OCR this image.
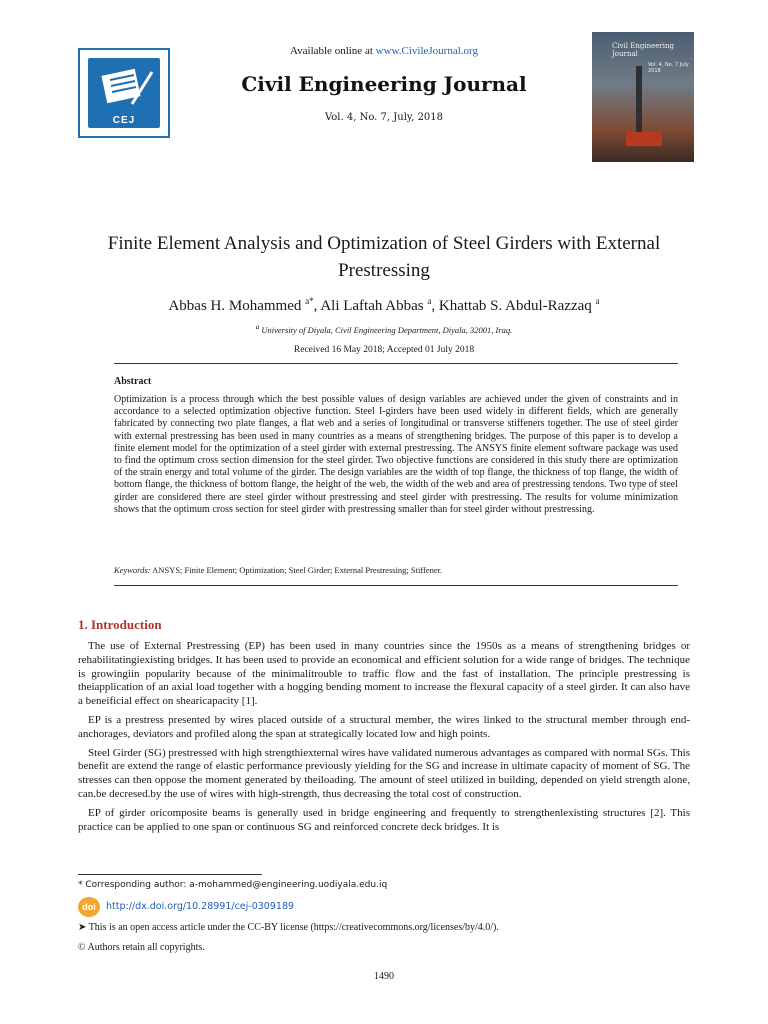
CEJ
Available online at www.CivileJournal.org
Civil Engineering Journal
Vol. 4, No. 7, July, 2018
Civil Engineering Journal
Vol. 4, No. 7 July 2018
Finite Element Analysis and Optimization of Steel Girders with External Prestressing
Abbas H. Mohammed $^{a*}$, Ali Laftah Abbas $^a$, Khattab S. Abdul-Razzaq $^a$
$^a$ University of Diyala, Civil Engineering Department, Diyala, 32001, Iraq.
Received 16 May 2018; Accepted 01 July 2018
Abstract

Optimization is a process through which the best possible values of design variables are achieved under the given of constraints and in accordance to a selected optimization objective function. Steel I-girders have been used widely in different fields, which are generally fabricated by connecting two plate flanges, a flat web and a series of longitudinal or transverse stiffeners together. The use of steel girder with external prestressing has been used in many countries as a means of strengthening bridges. The purpose of this paper is to develop a finite element model for the optimization of a steel girder with external prestressing. The ANSYS finite element software package was used to find the optimum cross section dimension for the steel girder. Two objective functions are considered in this study there are optimization of the strain energy and total volume of the girder. The design variables are the width of top flange, the thickness of top flange, the width of bottom flange, the thickness of bottom flange, the height of the web, the width of the web and area of prestressing tendons. Two type of steel girder are considered there are steel girder without prestressing and steel girder with prestressing. The results for volume minimization shows that the optimum cross section for steel girder with prestressing smaller than for steel girder without prestressing.

Keywords: ANSYS; Finite Element; Optimization; Steel Girder; External Prestressing; Stiffener.
1. Introduction

The use of External Prestressing (EP) has been used in many countries since the 1950s as a means of strengthening bridges or rehabilitatingiexisting bridges. It has been used to provide an economical and efficient solution for a wide range of bridges. The technique is growingiin popularity because of the minimalitrouble to traffic flow and the fast of installation. The principle prestressing is theiapplication of an axial load together with a hogging bending moment to increase the flexural capacity of a steel girder. It can also have a beneificial effect on shearicapacity [1].

EP is a prestress presented by wires placed outside of a structural member, the wires linked to the structural member through end-anchorages, deviators and profiled along the span at strategically located low and high points.

Steel Girder (SG) prestressed with high strengthiexternal wires have validated numerous advantages as compared with normal SGs. This benefit are extend the range of elastic performance previously yielding for the SG and increase in ultimate capacity of moment of SG. The stresses can then oppose the moment generated by theiloading. The amount of steel utilized in building, depended on yield strength alone, can.be decresed.by the use of wires with high-strength, thus decreasing the total cost of construction.

EP of girder oricomposite beams is generally used in bridge engineering and frequently to strengthenlexisting structures [2]. This practice can be applied to one span or continuous SG and reinforced concrete deck bridges. It is

* Corresponding author: a-mohammed@engineering.uodiyala.edu.iq
doi	http://dx.doi.org/10.28991/cej-0309189
➤ This is an open access article under the CC-BY license (https://creativecommons.org/licenses/by/4.0/).
© Authors retain all copyrights.
1490
